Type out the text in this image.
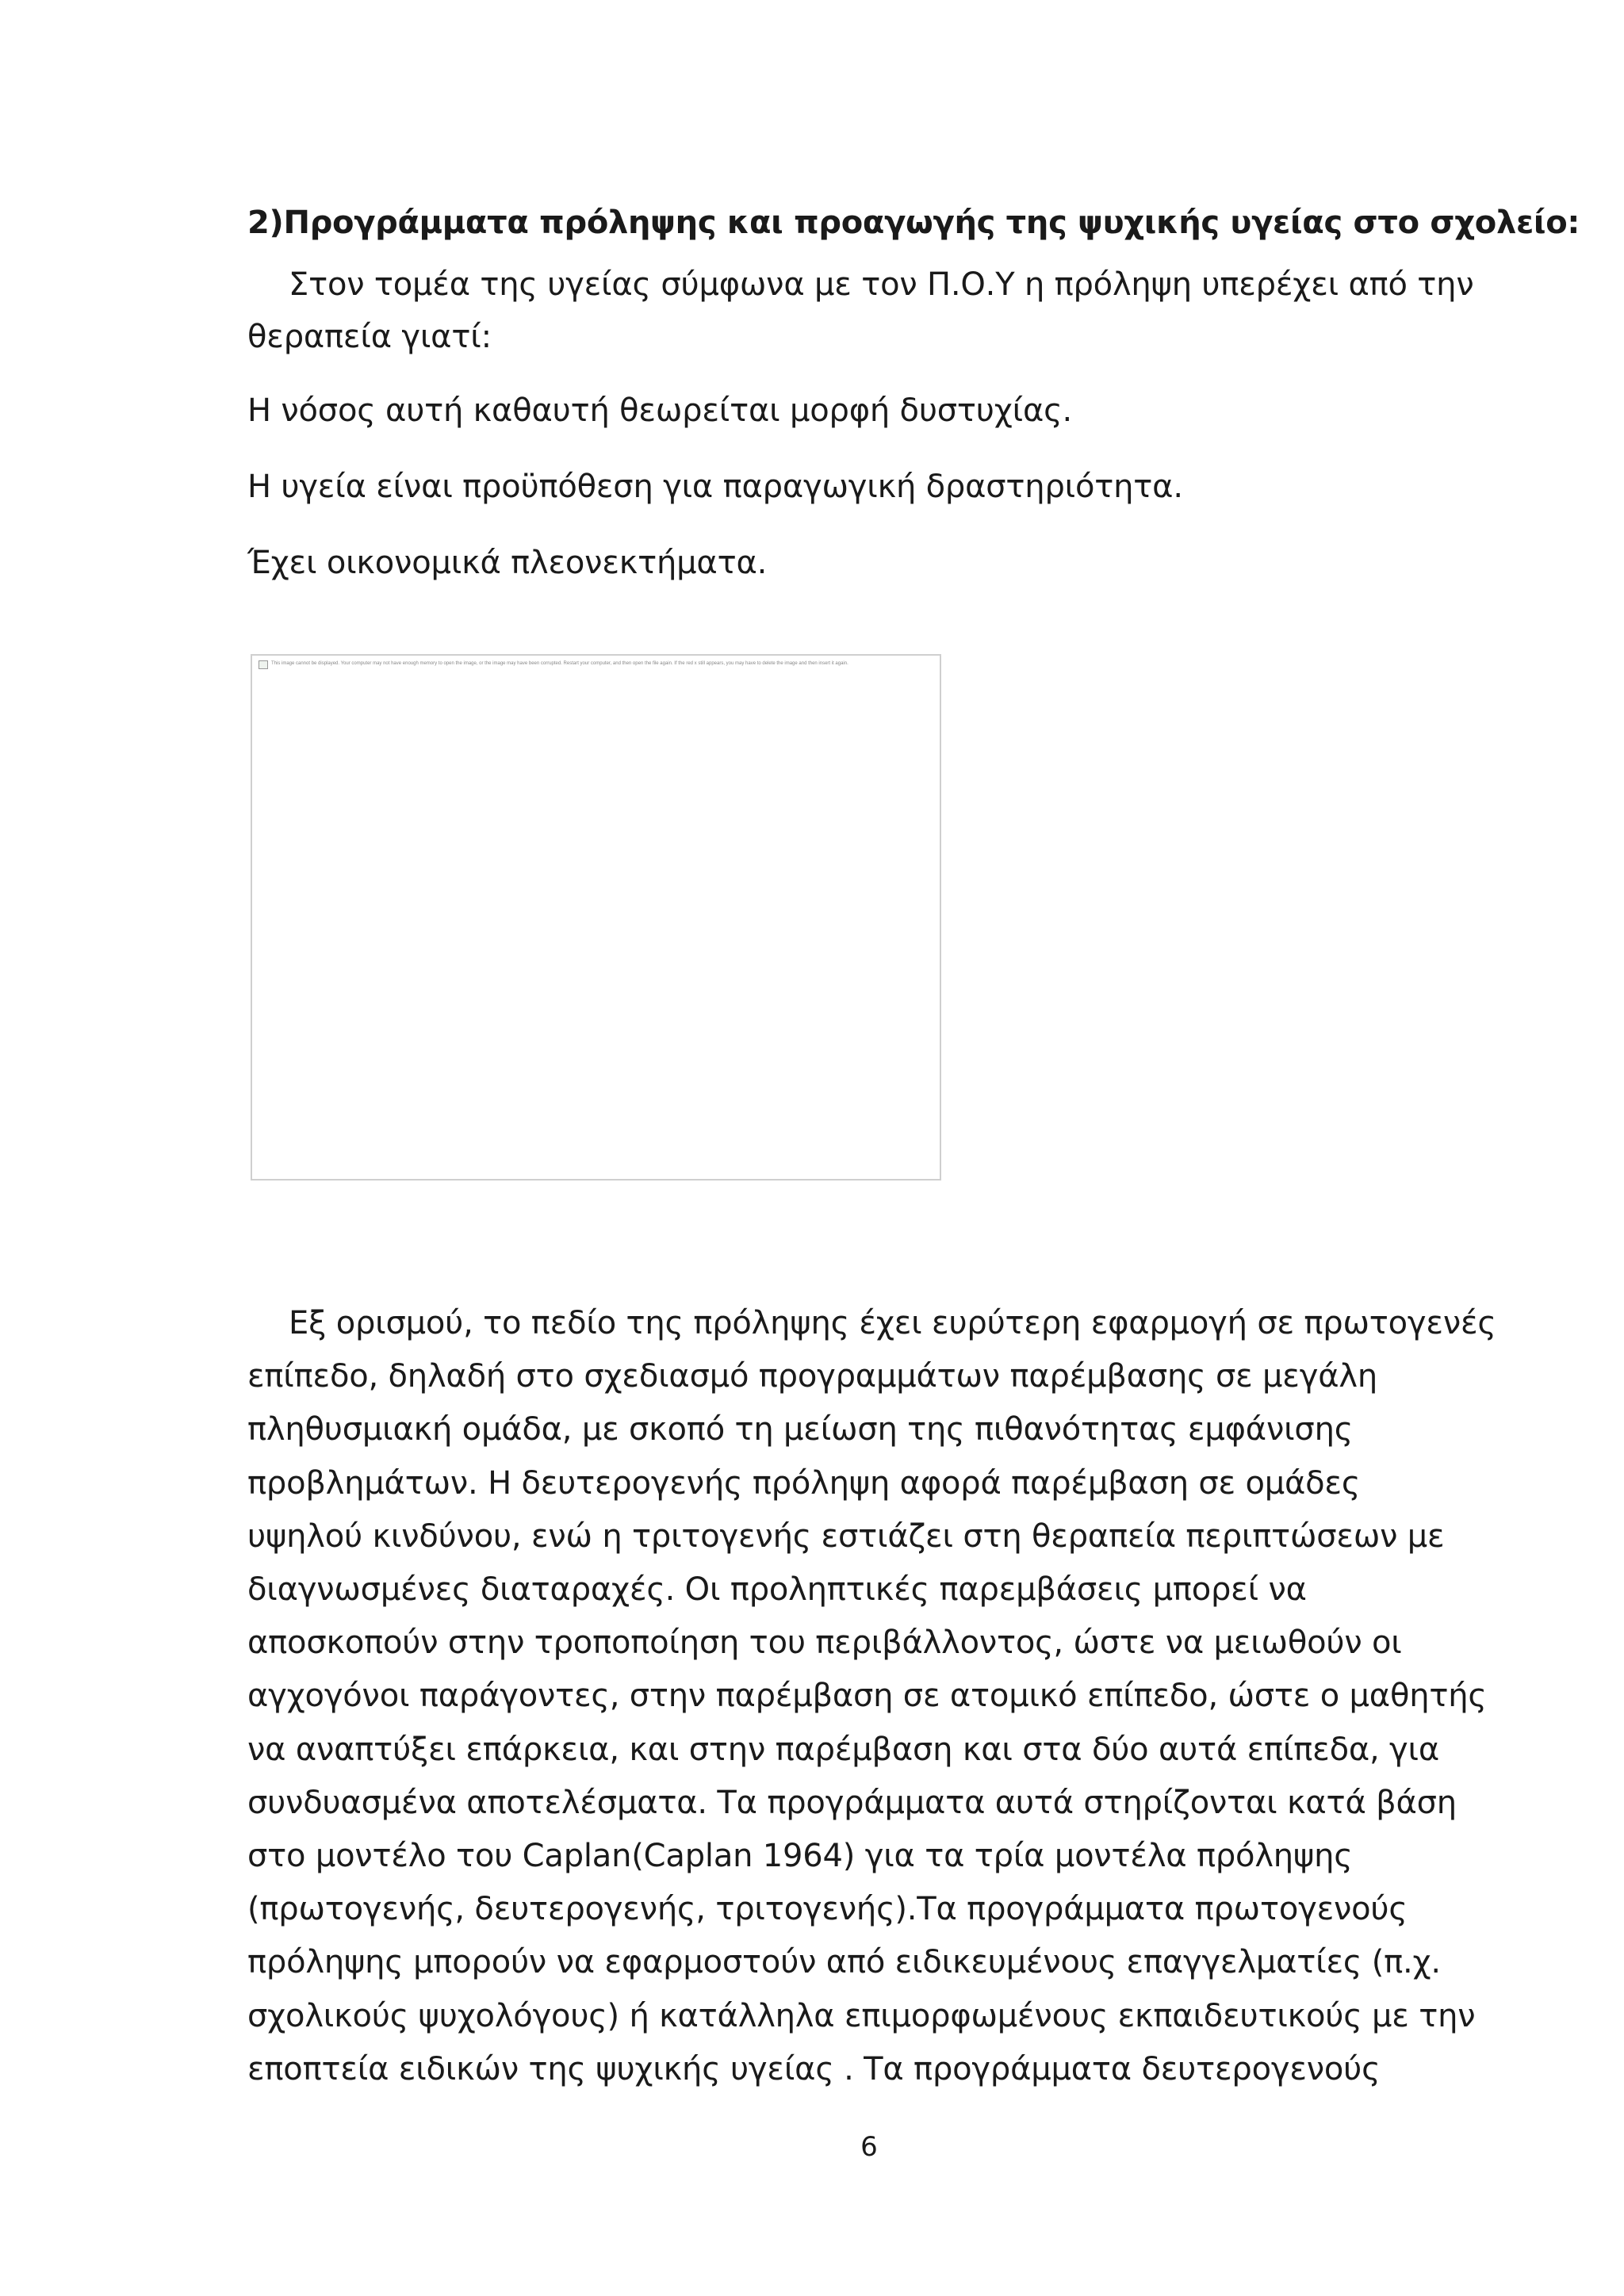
2)Προγράμματα πρόληψης και προαγωγής της ψυχικής υγείας στο σχολείο:
Στον τομέα της υγείας σύμφωνα με τον Π.Ο.Υ η πρόληψη υπερέχει από την θεραπεία γιατί:
Η νόσος αυτή καθαυτή θεωρείται μορφή δυστυχίας.
Η υγεία είναι προϋπόθεση για παραγωγική δραστηριότητα.
Έχει οικονομικά πλεονεκτήματα.
This image cannot be displayed. Your computer may not have enough memory to open the image, or the image may have been corrupted. Restart your computer, and then open the file again. If the red x still appears, you may have to delete the image and then insert it again.
Εξ ορισμού, το πεδίο της πρόληψης έχει ευρύτερη εφαρμογή σε πρωτογενές
επίπεδο, δηλαδή στο σχεδιασμό προγραμμάτων παρέμβασης σε μεγάλη
πληθυσμιακή ομάδα, με σκοπό τη μείωση της πιθανότητας εμφάνισης
προβλημάτων. Η δευτερογενής πρόληψη αφορά παρέμβαση σε ομάδες
υψηλού κινδύνου, ενώ η τριτογενής εστιάζει στη θεραπεία περιπτώσεων με
διαγνωσμένες διαταραχές. Οι προληπτικές παρεμβάσεις μπορεί να
αποσκοπούν στην τροποποίηση του περιβάλλοντος, ώστε να μειωθούν οι
αγχογόνοι παράγοντες, στην παρέμβαση σε ατομικό επίπεδο, ώστε ο μαθητής
να αναπτύξει επάρκεια, και στην παρέμβαση και στα δύο αυτά επίπεδα, για
συνδυασμένα αποτελέσματα. Τα προγράμματα αυτά στηρίζονται κατά βάση
στο μοντέλο του Caplan(Caplan 1964) για τα τρία μοντέλα πρόληψης
(πρωτογενής, δευτερογενής, τριτογενής).Τα προγράμματα πρωτογενούς
πρόληψης μπορούν να εφαρμοστούν από ειδικευμένους επαγγελματίες (π.χ.
σχολικούς ψυχολόγους) ή κατάλληλα επιμορφωμένους εκπαιδευτικούς με την
εποπτεία ειδικών της ψυχικής υγείας . Τα προγράμματα δευτερογενούς
6
